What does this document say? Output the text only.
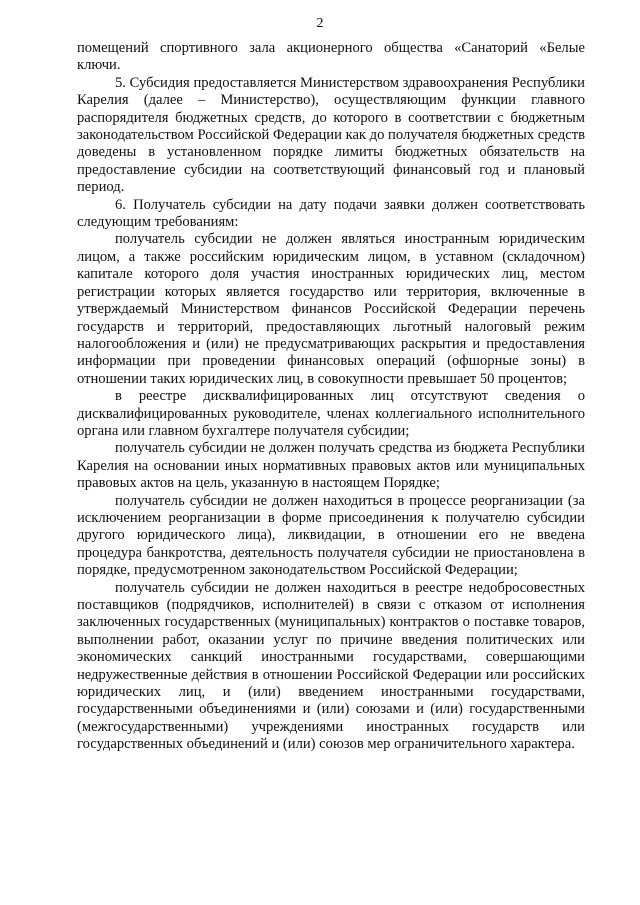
2

помещений спортивного зала акционерного общества «Санаторий «Белые ключи.

5. Субсидия предоставляется Министерством здравоохранения Республики Карелия (далее – Министерство), осуществляющим функции главного распорядителя бюджетных средств, до которого в соответствии с бюджетным законодательством Российской Федерации как до получателя бюджетных средств доведены в установленном порядке лимиты бюджетных обязательств на предоставление субсидии на соответствующий финансовый год и плановый период.

6. Получатель субсидии на дату подачи заявки должен соответствовать следующим требованиям:

получатель субсидии не должен являться иностранным юридическим лицом, а также российским юридическим лицом, в уставном (складочном) капитале которого доля участия иностранных юридических лиц, местом регистрации которых является государство или территория, включенные в утверждаемый Министерством финансов Российской Федерации перечень государств и территорий, предоставляющих льготный налоговый режим налогообложения и (или) не предусматривающих раскрытия и предоставления информации при проведении финансовых операций (офшорные зоны) в отношении таких юридических лиц, в совокупности превышает 50 процентов;

в реестре дисквалифицированных лиц отсутствуют сведения о дисквалифицированных руководителе, членах коллегиального исполнительного органа или главном бухгалтере получателя субсидии;

получатель субсидии не должен получать средства из бюджета Республики Карелия на основании иных нормативных правовых актов или муниципальных правовых актов на цель, указанную в настоящем Порядке;

получатель субсидии не должен находиться в процессе реорганизации (за исключением реорганизации в форме присоединения к получателю субсидии другого юридического лица), ликвидации, в отношении его не введена процедура банкротства, деятельность получателя субсидии не приостановлена в порядке, предусмотренном законодательством Российской Федерации;

получатель субсидии не должен находиться в реестре недобросовестных поставщиков (подрядчиков, исполнителей) в связи с отказом от исполнения заключенных государственных (муниципальных) контрактов о поставке товаров, выполнении работ, оказании услуг по причине введения политических или экономических санкций иностранными государствами, совершающими недружественные действия в отношении Российской Федерации или российских юридических лиц, и (или) введением иностранными государствами, государственными объединениями и (или) союзами и (или) государственными (межгосударственными) учреждениями иностранных государств или государственных объединений и (или) союзов мер ограничительного характера.
